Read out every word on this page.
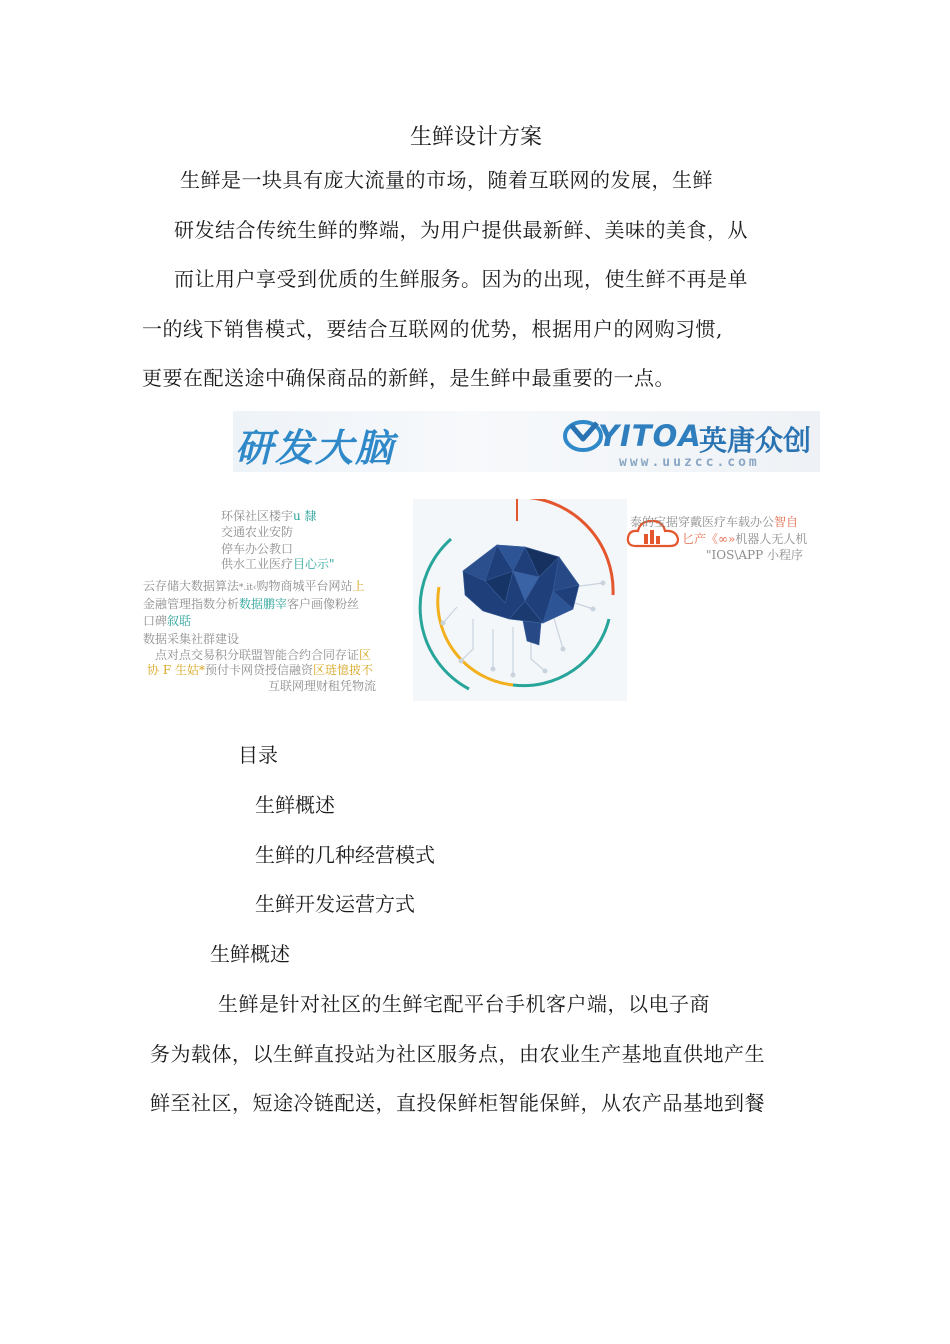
生鲜设计方案
生鲜是一块具有庞大流量的市场，随着互联网的发展，生鲜
研发结合传统生鲜的弊端，为用户提供最新鲜、美味的美食，从
而让用户享受到优质的生鲜服务。因为的出现，使生鲜不再是单
一的线下销售模式，要结合互联网的优势，根据用户的网购习惯,
更要在配送途中确保商品的新鲜，是生鲜中最重要的一点。
研发大脑	YITOA
英唐众创
www.uuzcc.com
环保社区楼宇u 隸
交通农业安防
停车办公教口
供水工业医疗目心示"
云存储大数据算法*.it‹购物商城平台网站上
金融管理指数分析数据鹏宰客户画像粉丝
口碑叙聒
数据采集社群建设
点对点交易积分联盟智能合约合同存证区
协 F 生姑*预付卡网贷授信融资区琏憶披不
互联网理财租凭物流
泰的宝据穿戴医疗车载办公智自
匕产《∞»机器人无人机
"IOS\APP 小程序
目录
生鲜概述
生鲜的几种经营模式
生鲜开发运营方式
生鲜概述
生鲜是针对社区的生鲜宅配平台手机客户端，以电子商
务为载体，以生鲜直投站为社区服务点，由农业生产基地直供地产生
鲜至社区，短途冷链配送，直投保鲜柜智能保鲜，从农产品基地到餐
